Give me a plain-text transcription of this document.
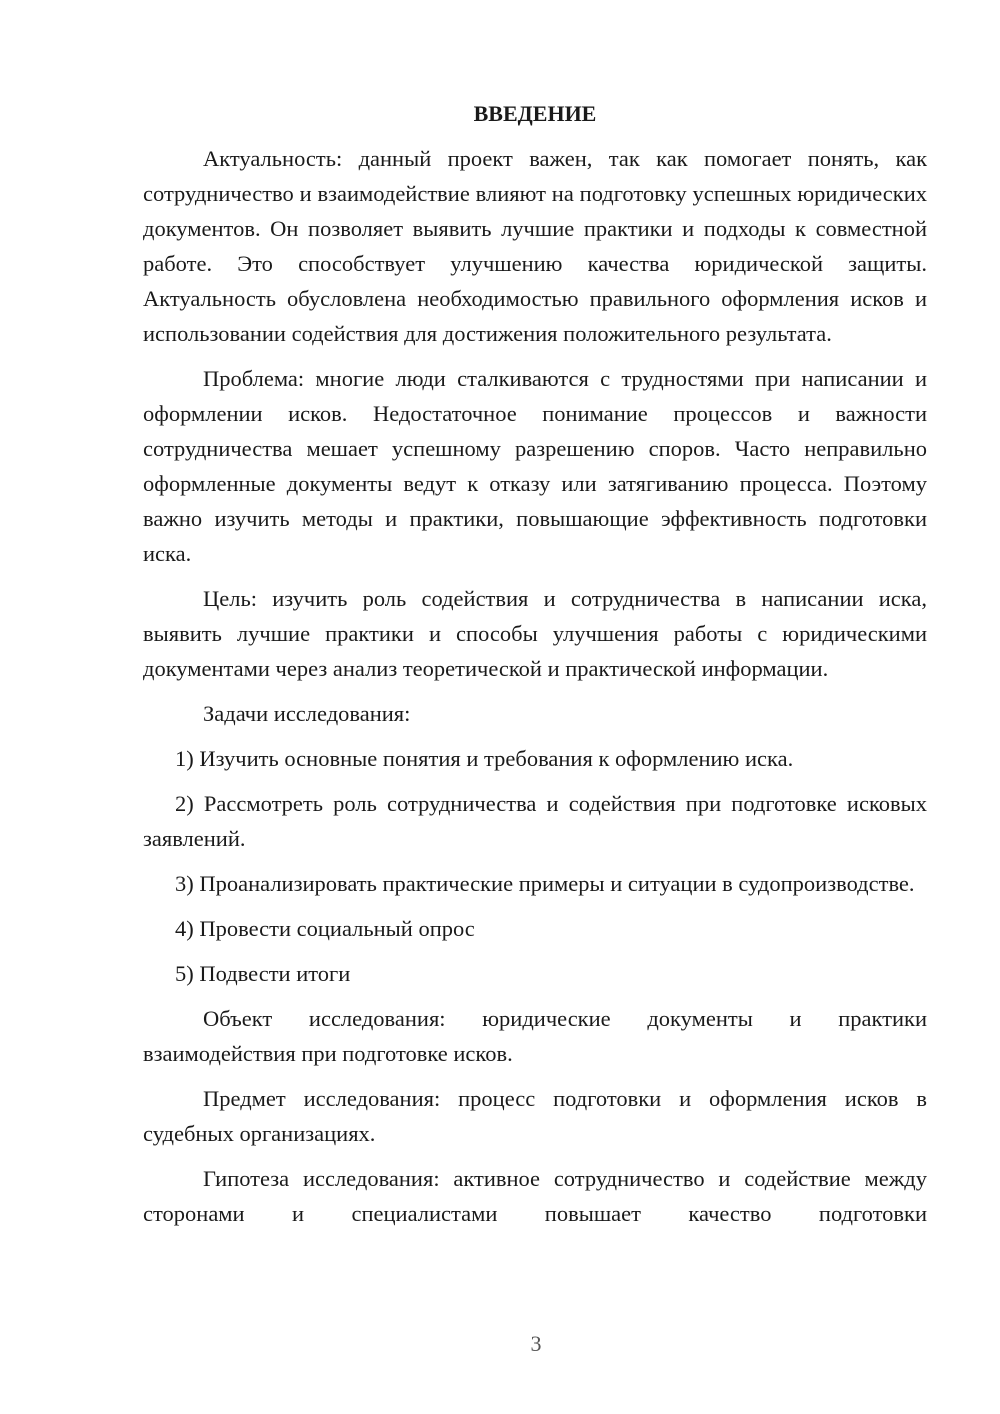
ВВЕДЕНИЕ

Актуальность: данный проект важен, так как помогает понять, как сотрудничество и взаимодействие влияют на подготовку успешных юридических документов. Он позволяет выявить лучшие практики и подходы к совместной работе. Это способствует улучшению качества юридической защиты. Актуальность обусловлена необходимостью правильного оформления исков и использовании содействия для достижения положительного результата.

Проблема: многие люди сталкиваются с трудностями при написании и оформлении исков. Недостаточное понимание процессов и важности сотрудничества мешает успешному разрешению споров. Часто неправильно оформленные документы ведут к отказу или затягиванию процесса. Поэтому важно изучить методы и практики, повышающие эффективность подготовки иска.

Цель: изучить роль содействия и сотрудничества в написании иска, выявить лучшие практики и способы улучшения работы с юридическими документами через анализ теоретической и практической информации.

Задачи исследования:

1) Изучить основные понятия и требования к оформлению иска.

2) Рассмотреть роль сотрудничества и содействия при подготовке исковых заявлений.

3) Проанализировать практические примеры и ситуации в судопроизводстве.

4) Провести социальный опрос

5) Подвести итоги

Объект исследования: юридические документы и практики взаимодействия при подготовке исков.

Предмет исследования: процесс подготовки и оформления исков в судебных организациях.

Гипотеза исследования: активное сотрудничество и содействие между сторонами и специалистами повышает качество подготовки

3
